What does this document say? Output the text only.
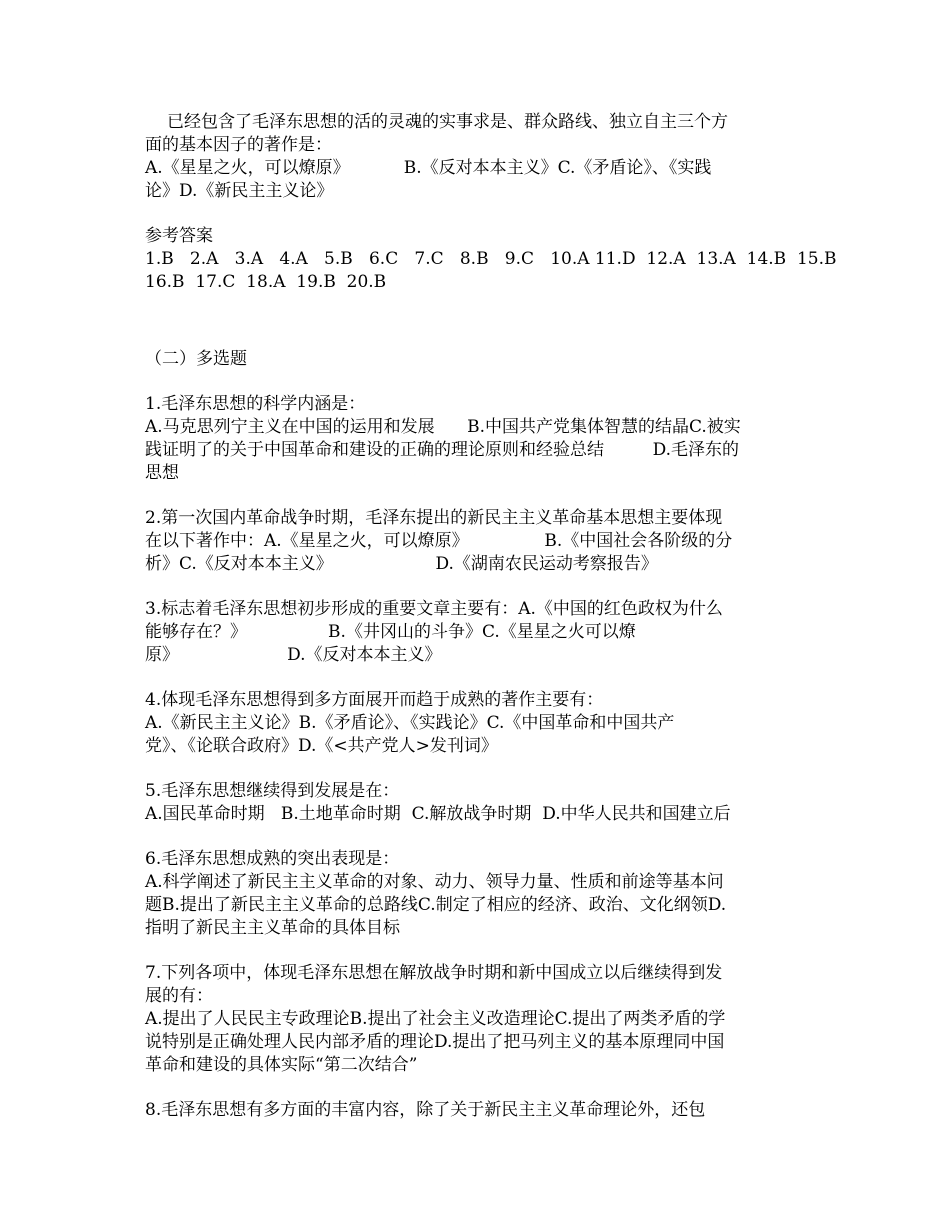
已经包含了毛泽东思想的活的灵魂的实事求是、群众路线、独立自主三个方
面的基本因子的著作是：
A.《星星之火，可以燎原》          B.《反对本本主义》C.《矛盾论》、《实践
论》D.《新民主主义论》
参考答案
1.B   2.A   3.A   4.A   5.B   6.C   7.C   8.B   9.C   10.A 11.D  12.A  13.A  14.B  15.B
16.B  17.C  18.A  19.B  20.B
（二）多选题
1.毛泽东思想的科学内涵是：
A.马克思列宁主义在中国的运用和发展      B.中国共产党集体智慧的结晶C.被实
践证明了的关于中国革命和建设的正确的理论原则和经验总结         D.毛泽东的
思想
2.第一次国内革命战争时期，毛泽东提出的新民主主义革命基本思想主要体现
在以下著作中：A.《星星之火，可以燎原》              B.《中国社会各阶级的分
析》C.《反对本本主义》                   D.《湖南农民运动考察报告》
3.标志着毛泽东思想初步形成的重要文章主要有：A.《中国的红色政权为什么
能够存在？》               B.《井冈山的斗争》C.《星星之火可以燎
原》                    D.《反对本本主义》
4.体现毛泽东思想得到多方面展开而趋于成熟的著作主要有：
A.《新民主主义论》B.《矛盾论》、《实践论》C.《中国革命和中国共产
党》、《论联合政府》D.《<共产党人>发刊词》
5.毛泽东思想继续得到发展是在：
A.国民革命时期   B.土地革命时期  C.解放战争时期  D.中华人民共和国建立后
6.毛泽东思想成熟的突出表现是：
A.科学阐述了新民主主义革命的对象、动力、领导力量、性质和前途等基本问
题B.提出了新民主主义革命的总路线C.制定了相应的经济、政治、文化纲领D.
指明了新民主主义革命的具体目标
7.下列各项中，体现毛泽东思想在解放战争时期和新中国成立以后继续得到发
展的有：
A.提出了人民民主专政理论B.提出了社会主义改造理论C.提出了两类矛盾的学
说特别是正确处理人民内部矛盾的理论D.提出了把马列主义的基本原理同中国
革命和建设的具体实际“第二次结合”
8.毛泽东思想有多方面的丰富内容，除了关于新民主主义革命理论外，还包
